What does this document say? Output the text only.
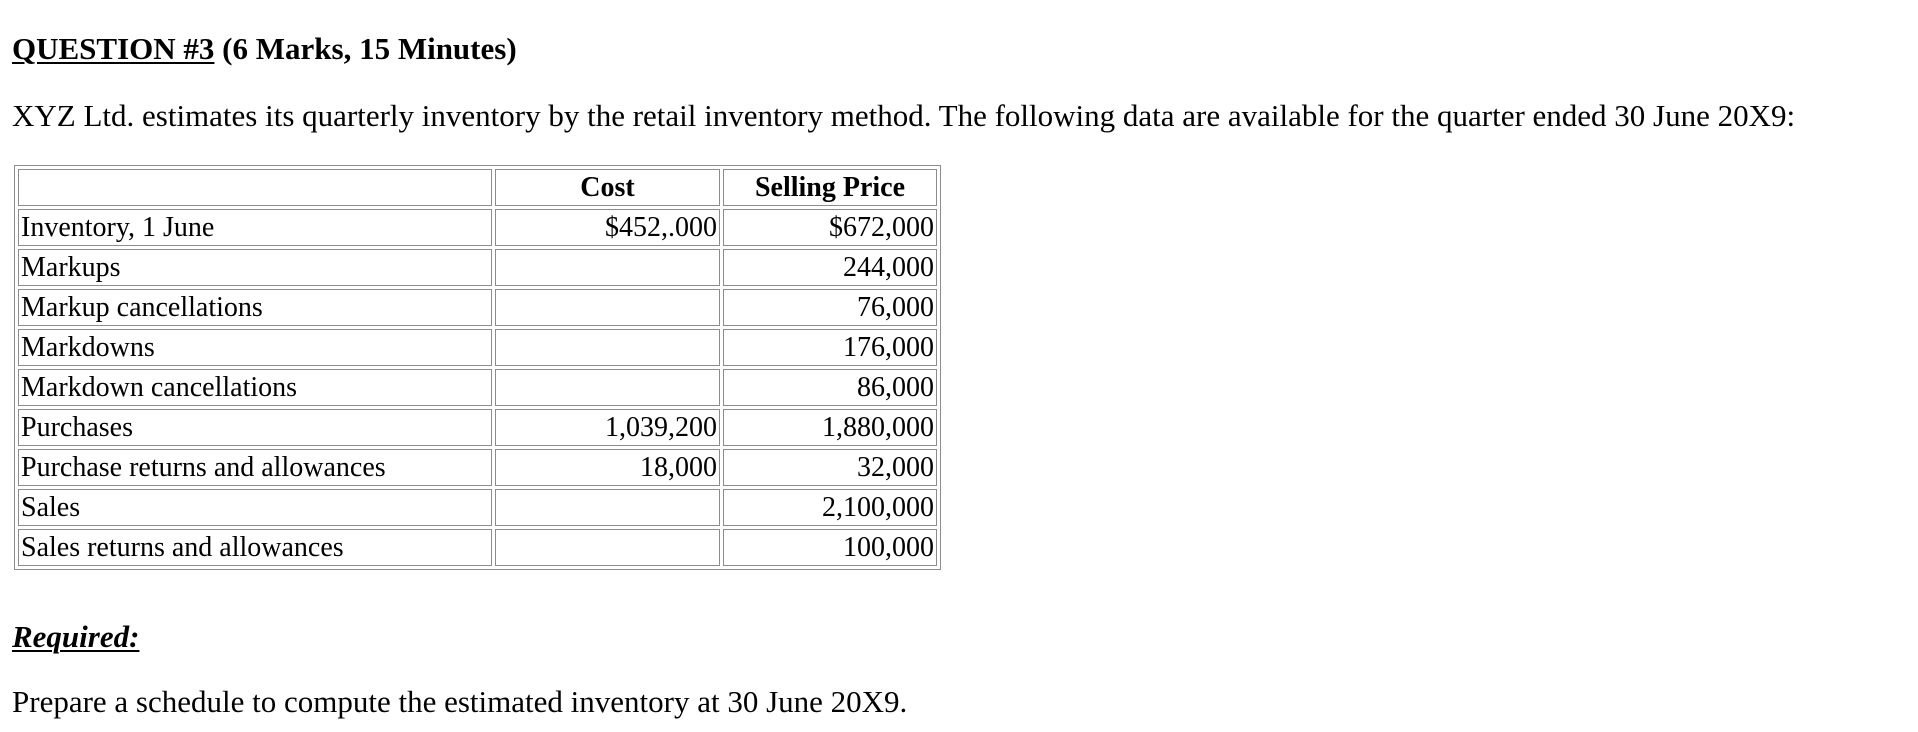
QUESTION #3 (6 Marks, 15 Minutes)
XYZ Ltd. estimates its quarterly inventory by the retail inventory method. The following data are available for the quarter ended 30 June 20X9:
	Cost	Selling Price
Inventory, 1 June	$452,.000	$672,000
Markups		244,000
Markup cancellations		76,000
Markdowns		176,000
Markdown cancellations		86,000
Purchases	1,039,200	1,880,000
Purchase returns and allowances	18,000	32,000
Sales		2,100,000
Sales returns and allowances		100,000
Required:
Prepare a schedule to compute the estimated inventory at 30 June 20X9.
